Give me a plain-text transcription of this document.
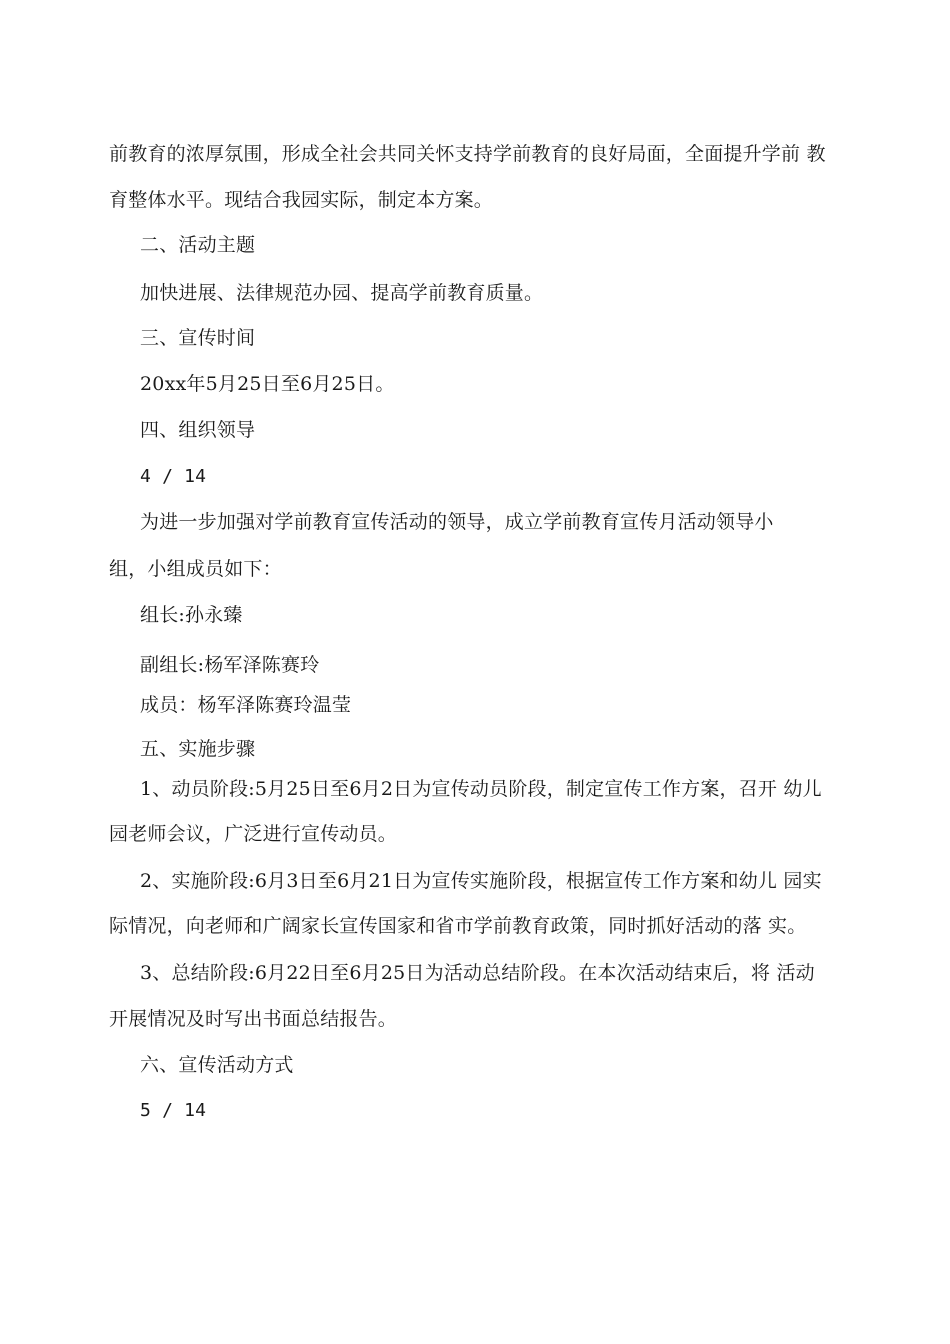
前教育的浓厚氛围，形成全社会共同关怀支持学前教育的良好局面，全面提升学前 教
育整体水平。现结合我园实际，制定本方案。
二、活动主题
加快进展、法律规范办园、提高学前教育质量。
三、宣传时间
20xx年5月25日至6月25日。
四、组织领导
4 / 14
为进一步加强对学前教育宣传活动的领导，成立学前教育宣传月活动领导小
组，小组成员如下：
组长:孙永臻
副组长:杨军泽陈赛玲
成员：杨军泽陈赛玲温莹
五、实施步骤
1、动员阶段:5月25日至6月2日为宣传动员阶段，制定宣传工作方案，召开 幼儿
园老师会议，广泛进行宣传动员。
2、实施阶段:6月3日至6月21日为宣传实施阶段，根据宣传工作方案和幼儿 园实
际情况，向老师和广阔家长宣传国家和省市学前教育政策，同时抓好活动的落 实。
3、总结阶段:6月22日至6月25日为活动总结阶段。在本次活动结束后，将 活动
开展情况及时写出书面总结报告。
六、宣传活动方式
5 / 14
